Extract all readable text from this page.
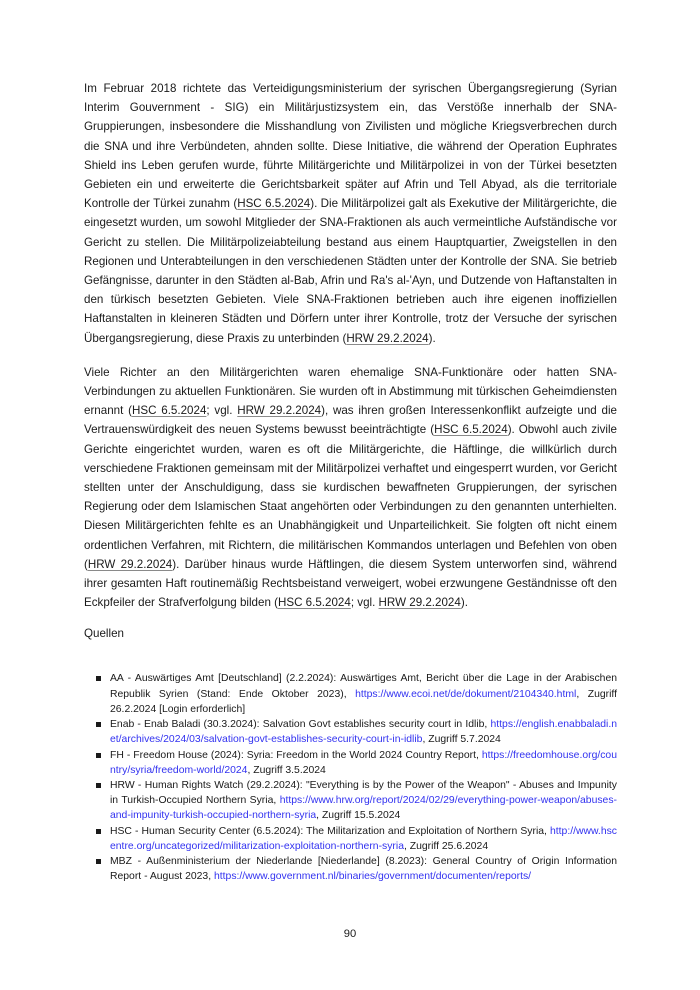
Im Februar 2018 richtete das Verteidigungsministerium der syrischen Übergangsregierung (Syrian Interim Gouvernment - SIG) ein Militärjustizsystem ein, das Verstöße innerhalb der SNA-Gruppierungen, insbesondere die Misshandlung von Zivilisten und mögliche Kriegsverbrechen durch die SNA und ihre Verbündeten, ahnden sollte. Diese Initiative, die während der Operation Euphrates Shield ins Leben gerufen wurde, führte Militärgerichte und Militärpolizei in von der Türkei besetzten Gebieten ein und erweiterte die Gerichtsbarkeit später auf Afrin und Tell Abyad, als die territoriale Kontrolle der Türkei zunahm (HSC 6.5.2024). Die Militärpolizei galt als Exekutive der Militärgerichte, die eingesetzt wurden, um sowohl Mitglieder der SNA-Fraktionen als auch vermeintliche Aufständische vor Gericht zu stellen. Die Militärpolizeiabteilung bestand aus einem Hauptquartier, Zweigstellen in den Regionen und Unterabteilungen in den verschiedenen Städten unter der Kontrolle der SNA. Sie betrieb Gefängnisse, darunter in den Städten al-Bab, Afrin und Ra's al-'Ayn, und Dutzende von Haftanstalten in den türkisch besetzten Gebieten. Viele SNA-Fraktionen betrieben auch ihre eigenen inoffiziellen Haftanstalten in kleineren Städten und Dörfern unter ihrer Kontrolle, trotz der Versuche der syrischen Übergangsregierung, diese Praxis zu unterbinden (HRW 29.2.2024).

Viele Richter an den Militärgerichten waren ehemalige SNA-Funktionäre oder hatten SNA-Verbindungen zu aktuellen Funktionären. Sie wurden oft in Abstimmung mit türkischen Geheimdiensten ernannt (HSC 6.5.2024; vgl. HRW 29.2.2024), was ihren großen Interessenkonflikt aufzeigte und die Vertrauenswürdigkeit des neuen Systems bewusst beeinträchtigte (HSC 6.5.2024). Obwohl auch zivile Gerichte eingerichtet wurden, waren es oft die Militärgerichte, die Häftlinge, die willkürlich durch verschiedene Fraktionen gemeinsam mit der Militärpolizei verhaftet und eingesperrt wurden, vor Gericht stellten unter der Anschuldigung, dass sie kurdischen bewaffneten Gruppierungen, der syrischen Regierung oder dem Islamischen Staat angehörten oder Verbindungen zu den genannten unterhielten. Diesen Militärgerichten fehlte es an Unabhängigkeit und Unparteilichkeit. Sie folgten oft nicht einem ordentlichen Verfahren, mit Richtern, die militärischen Kommandos unterlagen und Befehlen von oben (HRW 29.2.2024). Darüber hinaus wurde Häftlingen, die diesem System unterworfen sind, während ihrer gesamten Haft routinemäßig Rechtsbeistand verweigert, wobei erzwungene Geständnisse oft den Eckpfeiler der Strafverfolgung bilden (HSC 6.5.2024; vgl. HRW 29.2.2024).

Quellen
AA - Auswärtiges Amt [Deutschland] (2.2.2024): Auswärtiges Amt, Bericht über die Lage in der Arabischen Republik Syrien (Stand: Ende Oktober 2023), https://www.ecoi.net/de/dokument/2104340.html, Zugriff 26.2.2024 [Login erforderlich]
Enab - Enab Baladi (30.3.2024): Salvation Govt establishes security court in Idlib, https://english.enabbaladi.net/archives/2024/03/salvation-govt-establishes-security-court-in-idlib, Zugriff 5.7.2024
FH - Freedom House (2024): Syria: Freedom in the World 2024 Country Report, https://freedomhouse.org/country/syria/freedom-world/2024, Zugriff 3.5.2024
HRW - Human Rights Watch (29.2.2024): "Everything is by the Power of the Weapon" - Abuses and Impunity in Turkish-Occupied Northern Syria, https://www.hrw.org/report/2024/02/29/everything-power-weapon/abuses-and-impunity-turkish-occupied-northern-syria, Zugriff 15.5.2024
HSC - Human Security Center (6.5.2024): The Militarization and Exploitation of Northern Syria, http://www.hscentre.org/uncategorized/militarization-exploitation-northern-syria, Zugriff 25.6.2024
MBZ - Außenministerium der Niederlande [Niederlande] (8.2023): General Country of Origin Information Report - August 2023, https://www.government.nl/binaries/government/documenten/reports/
90
